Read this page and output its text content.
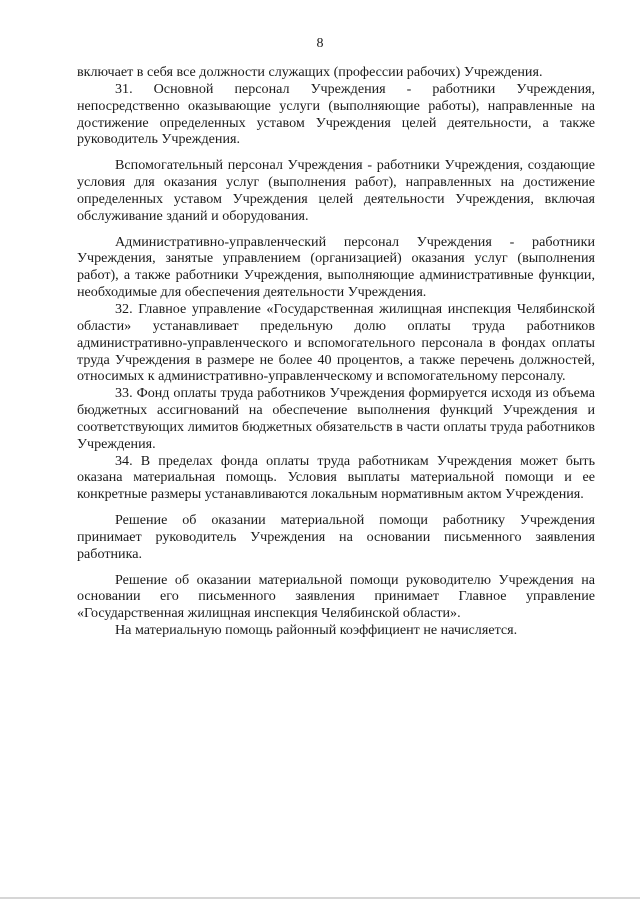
8

включает в себя все должности служащих (профессии рабочих) Учреждения.

31. Основной персонал Учреждения - работники Учреждения, непосредственно оказывающие услуги (выполняющие работы), направленные на достижение определенных уставом Учреждения целей деятельности, а также руководитель Учреждения.

Вспомогательный персонал Учреждения - работники Учреждения, создающие условия для оказания услуг (выполнения работ), направленных на достижение определенных уставом Учреждения целей деятельности Учреждения, включая обслуживание зданий и оборудования.

Административно-управленческий персонал Учреждения - работники Учреждения, занятые управлением (организацией) оказания услуг (выполнения работ), а также работники Учреждения, выполняющие административные функции, необходимые для обеспечения деятельности Учреждения.

32. Главное управление «Государственная жилищная инспекция Челябинской области» устанавливает предельную долю оплаты труда работников административно-управленческого и вспомогательного персонала в фондах оплаты труда Учреждения в размере не более 40 процентов, а также перечень должностей, относимых к административно-управленческому и вспомогательному персоналу.

33. Фонд оплаты труда работников Учреждения формируется исходя из объема бюджетных ассигнований на обеспечение выполнения функций Учреждения и соответствующих лимитов бюджетных обязательств в части оплаты труда работников Учреждения.

34. В пределах фонда оплаты труда работникам Учреждения может быть оказана материальная помощь. Условия выплаты материальной помощи и ее конкретные размеры устанавливаются локальным нормативным актом Учреждения.

Решение об оказании материальной помощи работнику Учреждения принимает руководитель Учреждения на основании письменного заявления работника.

Решение об оказании материальной помощи руководителю Учреждения на основании его письменного заявления принимает Главное управление «Государственная жилищная инспекция Челябинской области».

На материальную помощь районный коэффициент не начисляется.
